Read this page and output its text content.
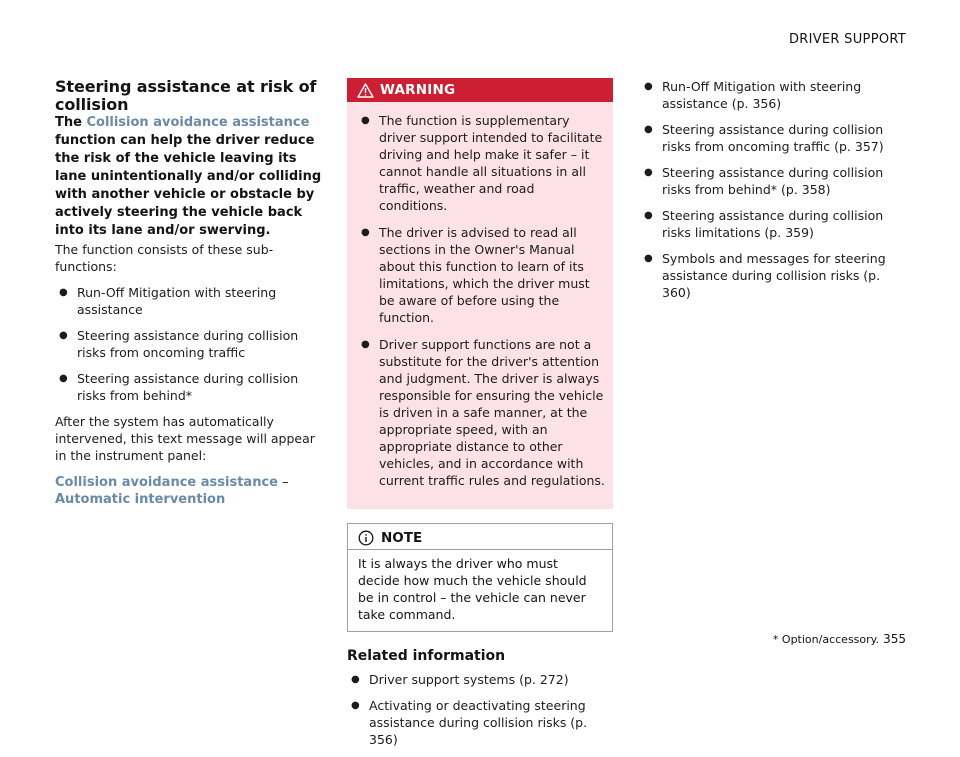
DRIVER SUPPORT
Steering assistance at risk of collision
The Collision avoidance assistance function can help the driver reduce the risk of the vehicle leaving its lane unintentionally and/or colliding with another vehicle or obstacle by actively steering the vehicle back into its lane and/or swerving.

The function consists of these sub-functions:

● Run-Off Mitigation with steering assistance
● Steering assistance during collision risks from oncoming traffic
● Steering assistance during collision risks from behind*

After the system has automatically intervened, this text message will appear in the instrument panel:

Collision avoidance assistance –
Automatic intervention
WARNING
● The function is supplementary driver support intended to facilitate driving and help make it safer – it cannot handle all situations in all traffic, weather and road conditions.
● The driver is advised to read all sections in the Owner's Manual about this function to learn of its limitations, which the driver must be aware of before using the function.
● Driver support functions are not a substitute for the driver's attention and judgment. The driver is always responsible for ensuring the vehicle is driven in a safe manner, at the appropriate speed, with an appropriate distance to other vehicles, and in accordance with current traffic rules and regulations.
NOTE
It is always the driver who must decide how much the vehicle should be in control – the vehicle can never take command.
Related information
● Driver support systems (p. 272)
● Activating or deactivating steering assistance during collision risks (p. 356)
● Run-Off Mitigation with steering assistance (p. 356)
● Steering assistance during collision risks from oncoming traffic (p. 357)
● Steering assistance during collision risks from behind* (p. 358)
● Steering assistance during collision risks limitations (p. 359)
● Symbols and messages for steering assistance during collision risks (p. 360)
* Option/accessory. 355
